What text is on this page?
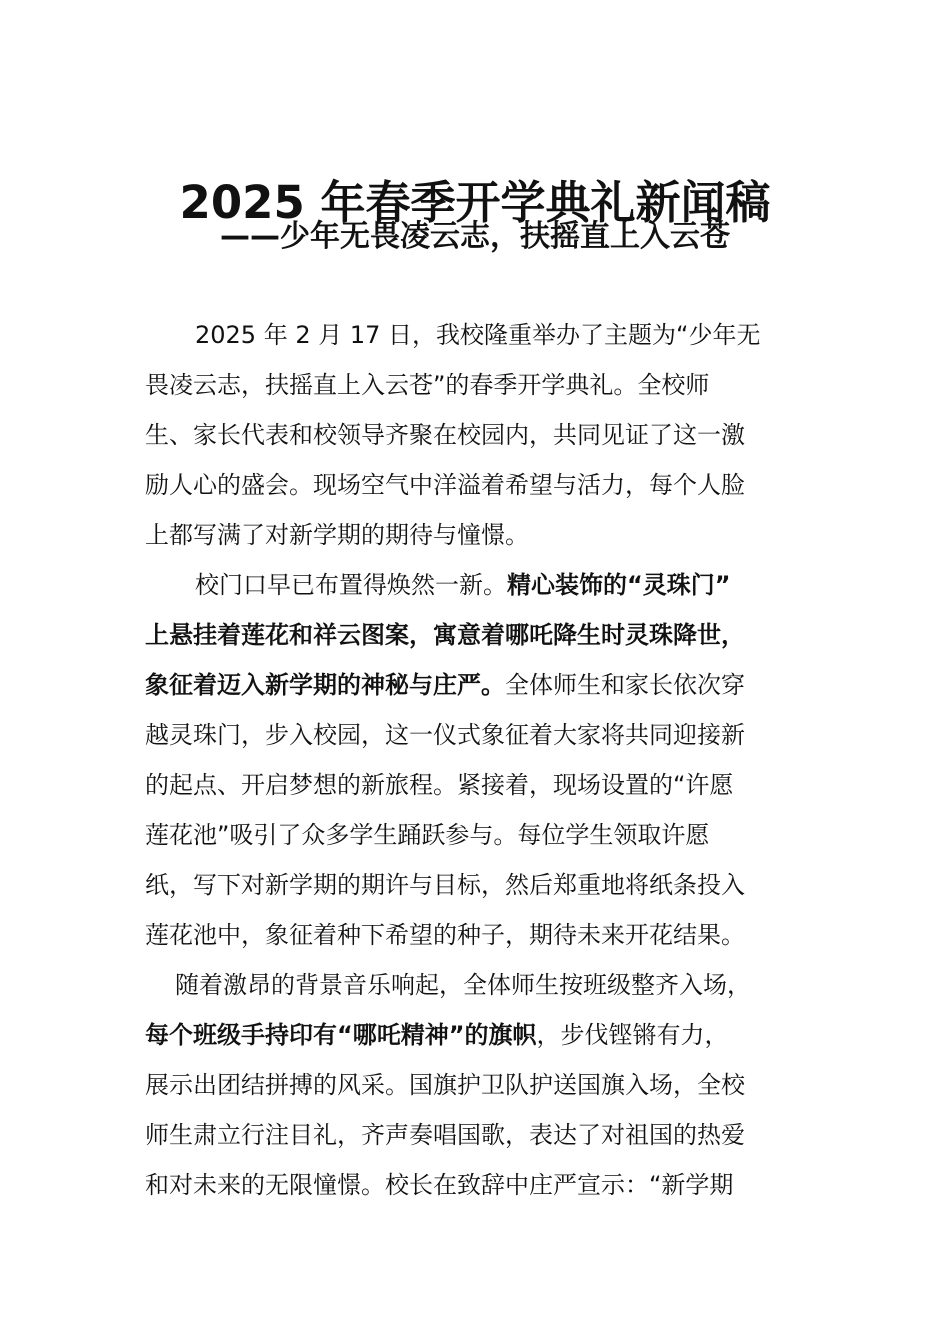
2025 年春季开学典礼新闻稿
——少年无畏凌云志，扶摇直上入云苍
2025 年 2 月 17 日，我校隆重举办了主题为“少年无
畏凌云志，扶摇直上入云苍”的春季开学典礼。全校师
生、家长代表和校领导齐聚在校园内，共同见证了这一激
励人心的盛会。现场空气中洋溢着希望与活力，每个人脸
上都写满了对新学期的期待与憧憬。
校门口早已布置得焕然一新。精心装饰的“灵珠门”
上悬挂着莲花和祥云图案，寓意着哪吒降生时灵珠降世，
象征着迈入新学期的神秘与庄严。全体师生和家长依次穿
越灵珠门，步入校园，这一仪式象征着大家将共同迎接新
的起点、开启梦想的新旅程。紧接着，现场设置的“许愿
莲花池”吸引了众多学生踊跃参与。每位学生领取许愿
纸，写下对新学期的期许与目标，然后郑重地将纸条投入
莲花池中，象征着种下希望的种子，期待未来开花结果。
随着激昂的背景音乐响起，全体师生按班级整齐入场，
每个班级手持印有“哪吒精神”的旗帜，步伐铿锵有力，
展示出团结拼搏的风采。国旗护卫队护送国旗入场，全校
师生肃立行注目礼，齐声奏唱国歌，表达了对祖国的热爱
和对未来的无限憧憬。校长在致辞中庄严宣示：“新学期
